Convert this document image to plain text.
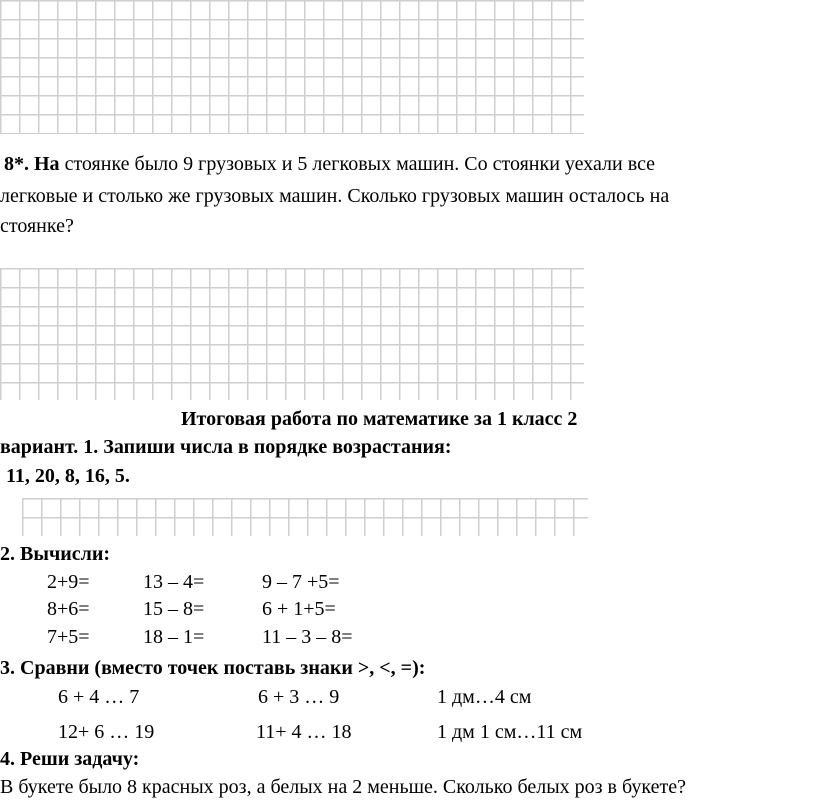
8*. На стоянке было 9 грузовых и 5 легковых машин. Со стоянки уехали все
легковые и столько же грузовых машин. Сколько грузовых машин осталось на
стоянке?
Итоговая работа по математике за 1 класс 2
вариант. 1. Запиши числа в порядке возрастания:
11, 20, 8, 16, 5.
2. Вычисли:
2+9=	13 – 4=	9 – 7 +5=
8+6=	15 – 8=	6 + 1+5=
7+5=	18 – 1=	11 – 3 – 8=
3. Сравни (вместо точек поставь знаки >, <, =):
6 + 4 … 7	6 + 3 … 9	1 дм…4 см
12+ 6 … 19	11+ 4 … 18	1 дм 1 см…11 см
4. Реши задачу:
В букете было 8 красных роз, а белых на 2 меньше. Сколько белых роз в букете?
